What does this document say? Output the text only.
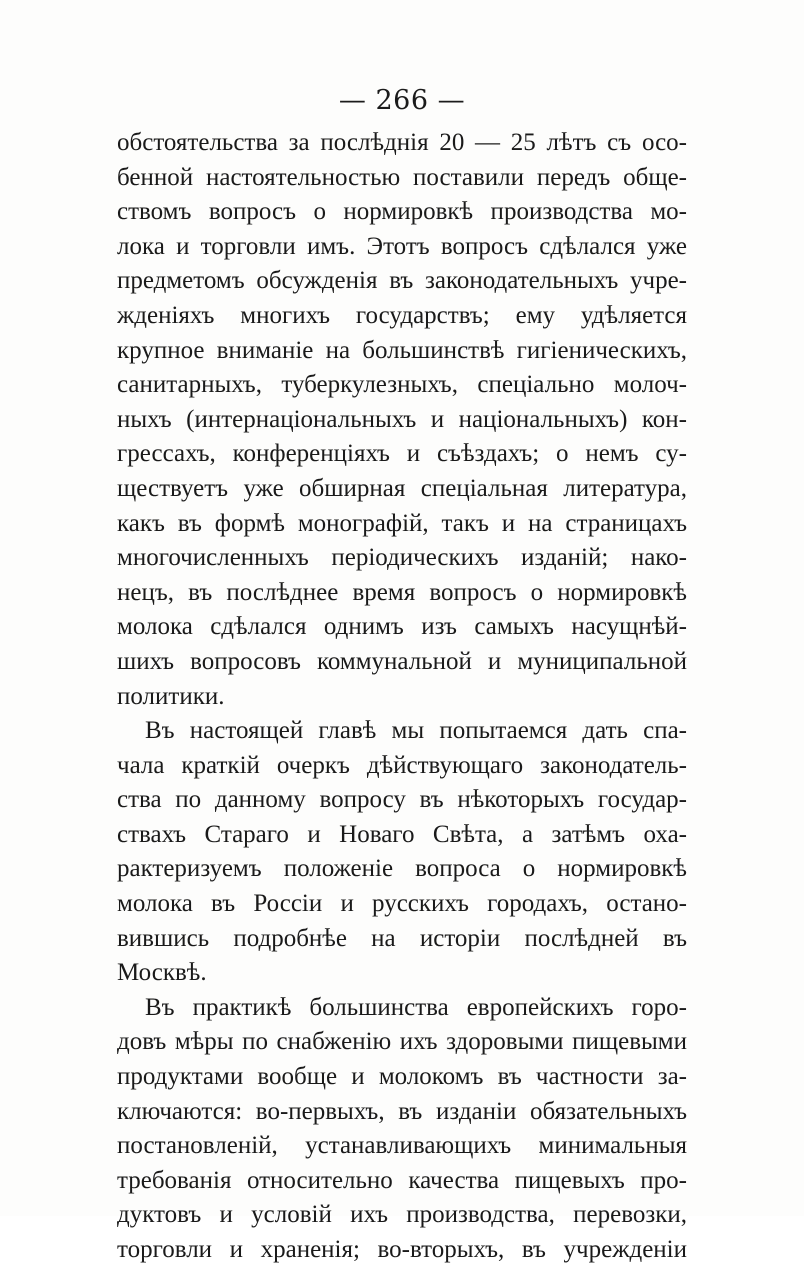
— 266 —
обстоятельства за послѣднія 20 — 25 лѣтъ съ осо-
бенной настоятельностью поставили передъ обще-
ствомъ вопросъ о нормировкѣ производства мо-
лока и торговли имъ. Этотъ вопросъ сдѣлался уже
предметомъ обсужденія въ законодательныхъ учре-
жденіяхъ многихъ государствъ; ему удѣляется
крупное вниманіе на большинствѣ гигіеническихъ,
санитарныхъ, туберкулезныхъ, спеціально молоч-
ныхъ (интернаціональныхъ и національныхъ) кон-
грессахъ, конференціяхъ и съѣздахъ; о немъ су-
ществуетъ уже обширная спеціальная литература,
какъ въ формѣ монографій, такъ и на страницахъ
многочисленныхъ періодическихъ изданій; нако-
нецъ, въ послѣднее время вопросъ о нормировкѣ
молока сдѣлался однимъ изъ самыхъ насущнѣй-
шихъ вопросовъ коммунальной и муниципальной
политики.
Въ настоящей главѣ мы попытаемся дать спа-
чала краткій очеркъ дѣйствующаго законодатель-
ства по данному вопросу въ нѣкоторыхъ государ-
ствахъ Стараго и Новаго Свѣта, а затѣмъ оха-
рактеризуемъ положеніе вопроса о нормировкѣ
молока въ Россіи и русскихъ городахъ, остано-
вившись подробнѣе на исторіи послѣдней въ
Москвѣ.
Въ практикѣ большинства европейскихъ горо-
довъ мѣры по снабженію ихъ здоровыми пищевыми
продуктами вообще и молокомъ въ частности за-
ключаются: во-первыхъ, въ изданіи обязательныхъ
постановленій, устанавливающихъ минимальныя
требованія относительно качества пищевыхъ про-
дуктовъ и условій ихъ производства, перевозки,
торговли и храненія; во-вторыхъ, въ учрежденіи
